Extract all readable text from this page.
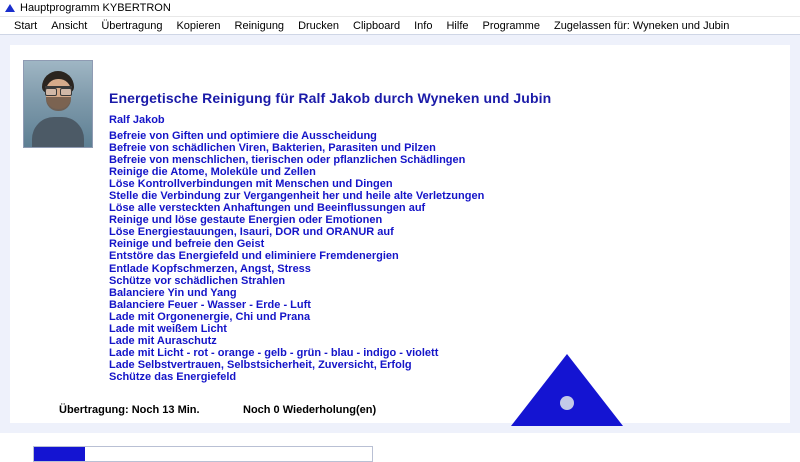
Hauptprogramm KYBERTRON
Start	Ansicht	Übertragung	Kopieren	Reinigung	Drucken	Clipboard	Info	Hilfe	Programme	Zugelassen für: Wyneken und Jubin
Energetische Reinigung für Ralf Jakob durch Wyneken und Jubin
Ralf Jakob
Befreie von Giften und optimiere die Ausscheidung
Befreie von schädlichen Viren, Bakterien, Parasiten und Pilzen
Befreie von menschlichen, tierischen oder pflanzlichen Schädlingen
Reinige die Atome, Moleküle und Zellen
Löse Kontrollverbindungen mit Menschen und Dingen
Stelle die Verbindung zur Vergangenheit her und heile alte Verletzungen
Löse alle versteckten Anhaftungen und Beeinflussungen auf
Reinige und löse gestaute Energien oder Emotionen
Löse Energiestauungen, Isauri, DOR und ORANUR auf
Reinige und befreie den Geist
Entstöre das Energiefeld und eliminiere Fremdenergien
Entlade Kopfschmerzen, Angst, Stress
Schütze vor schädlichen Strahlen
Balanciere Yin und Yang
Balanciere Feuer - Wasser - Erde - Luft
Lade mit Orgonenergie, Chi und Prana
Lade mit weißem Licht
Lade mit Auraschutz
Lade mit Licht - rot - orange - gelb - grün - blau - indigo - violett
Lade Selbstvertrauen, Selbstsicherheit, Zuversicht, Erfolg
Schütze das Energiefeld
Übertragung: Noch 13 Min.	Noch 0 Wiederholung(en)
